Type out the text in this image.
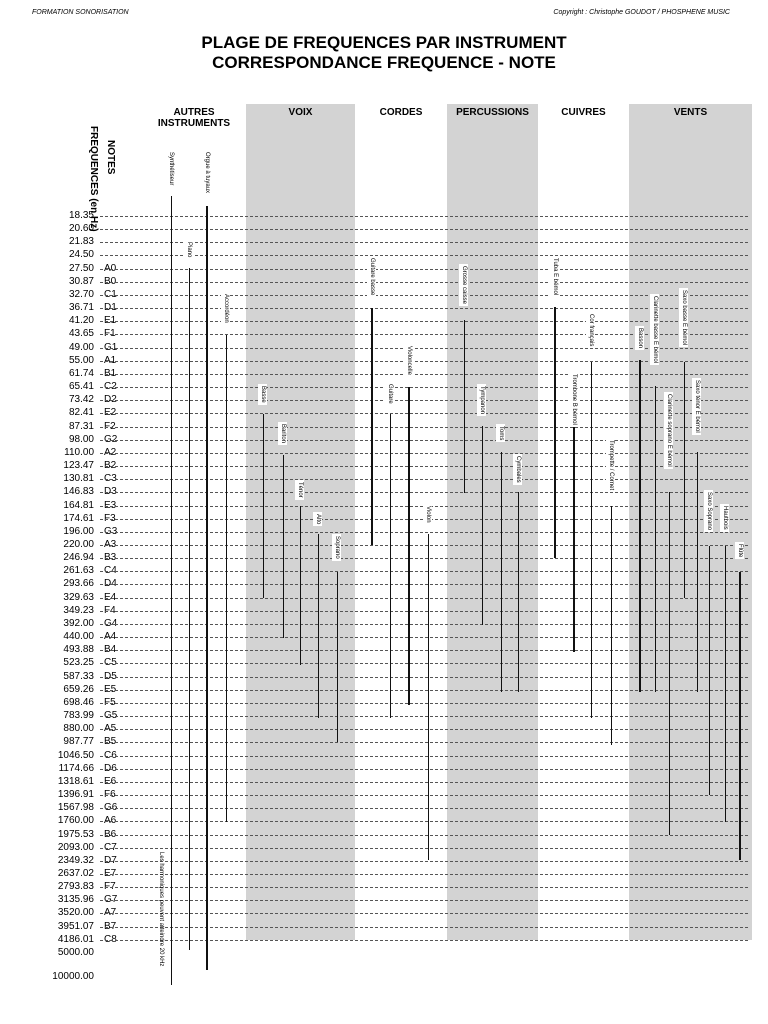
FORMATION SONORISATION	Copyright : Christophe GOUDOT / PHOSPHENE MUSIC
PLAGE DE FREQUENCES PAR INSTRUMENT
CORRESPONDANCE FREQUENCE - NOTE
AUTRES INSTRUMENTS
VOIX	CORDES	PERCUSSIONS	CUIVRES	VENTS
FREQUENCES (en Hz) NOTES
18.35
20.60
21.83
24.50
27.50 A0
30.87 B0
32.70 C1
36.71 D1
41.20 E1
43.65 F1
49.00 G1
55.00 A1
61.74 B1
65.41 C2
73.42 D2
82.41 E2
87.31 F2
98.00 G2
110.00 A2
123.47 B2
130.81 C3
146.83 D3
164.81 E3
174.61 F3
196.00 G3
220.00 A3
246.94 B3
261.63 C4
293.66 D4
329.63 E4
349.23 F4
392.00 G4
440.00 A4
493.88 B4
523.25 C5
587.33 D5
659.26 E5
698.46 F5
783.99 G5
880.00 A5
987.77 B5
1046.50 C6
1174.66 D6
1318.61 E6
1396.91 F6
1567.98 G6
1760.00 A6
1975.53 B6
2093.00 C7
2349.32 D7
2637.02 E7
2793.83 F7
3135.96 G7
3520.00 A7
3951.07 B7
4186.01 C8
5000.00
10000.00
Synthétiseur	Orgue à tuyaux
Piano
Accordéon
Basse
Bariton
Ténor
Alto
Soprano
Guitare basse
Violoncelle
Guitare
Violon
Grosse caisse
Tympanon
Toms
Cymbales
Tuba E bémol
Trombone B bémol
Cor français
Trompette / Cornet
Basson	Clarinette basse E bémol
Clarinette soprano E bémol
Saxo basse E bémol
Saxo ténor E bémol
Saxo Soprano	Hautbois
Flûte
Les harmoniques peuvent atteindre 20 kHz
